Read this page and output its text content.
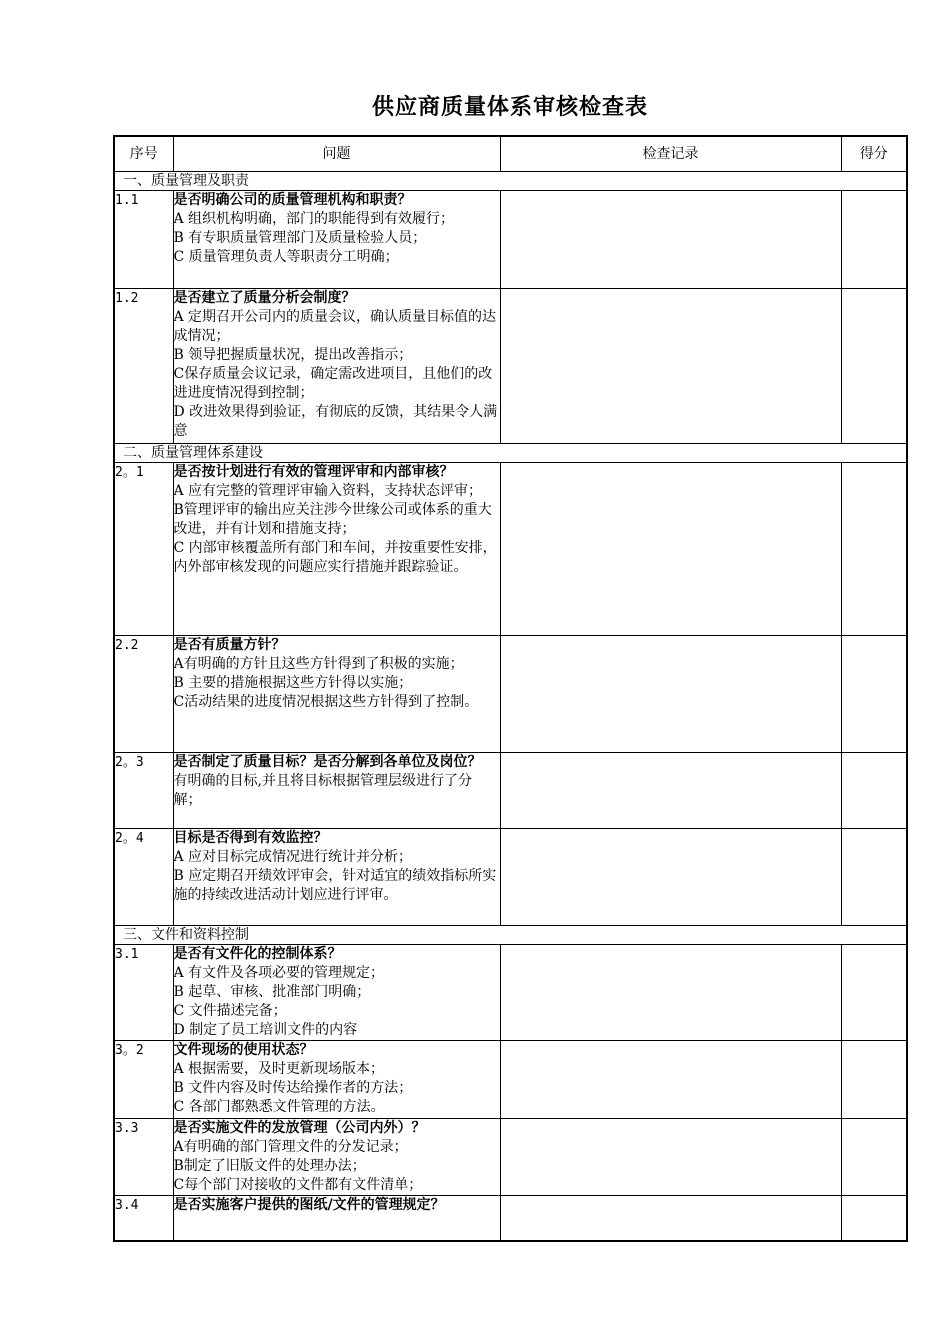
供应商质量体系审核检查表
序号	问题	检查记录	得分
一、质量管理及职责			
1.1	是否明确公司的质量管理机构和职责？
A 组织机构明确，部门的职能得到有效履行；
B 有专职质量管理部门及质量检验人员；
C 质量管理负责人等职责分工明确；		

1.2	是否建立了质量分析会制度？
A 定期召开公司内的质量会议，确认质量目标值的达成情况；
B 领导把握质量状况，提出改善指示；
C保存质量会议记录，确定需改进项目，且他们的改进进度情况得到控制；
D 改进效果得到验证，有彻底的反馈，其结果令人满意		

二、质量管理体系建设			
2。1	是否按计划进行有效的管理评审和内部审核？
A 应有完整的管理评审输入资料，支持状态评审；
B管理评审的输出应关注涉今世缘公司或体系的重大改进，并有计划和措施支持；
C 内部审核覆盖所有部门和车间，并按重要性安排，内外部审核发现的问题应实行措施并跟踪验证。		

2.2	是否有质量方针？
A有明确的方针且这些方针得到了积极的实施；
B 主要的措施根据这些方针得以实施；
C活动结果的进度情况根据这些方针得到了控制。		

2。3	是否制定了质量目标？是否分解到各单位及岗位？
有明确的目标,并且将目标根据管理层级进行了分解；		

2。4	目标是否得到有效监控？
A 应对目标完成情况进行统计并分析；
B 应定期召开绩效评审会，针对适宜的绩效指标所实施的持续改进活动计划应进行评审。		

三、文件和资料控制			
3.1	是否有文件化的控制体系？
A 有文件及各项必要的管理规定；
B 起草、审核、批准部门明确；
C 文件描述完备；
D 制定了员工培训文件的内容		

3。2	文件现场的使用状态？
A 根据需要，及时更新现场版本；
B 文件内容及时传达给操作者的方法；
C 各部门都熟悉文件管理的方法。		

3.3	是否实施文件的发放管理（公司内外）？
A有明确的部门管理文件的分发记录；
B制定了旧版文件的处理办法；
C每个部门对接收的文件都有文件清单；		

3.4	是否实施客户提供的图纸/文件的管理规定？		
